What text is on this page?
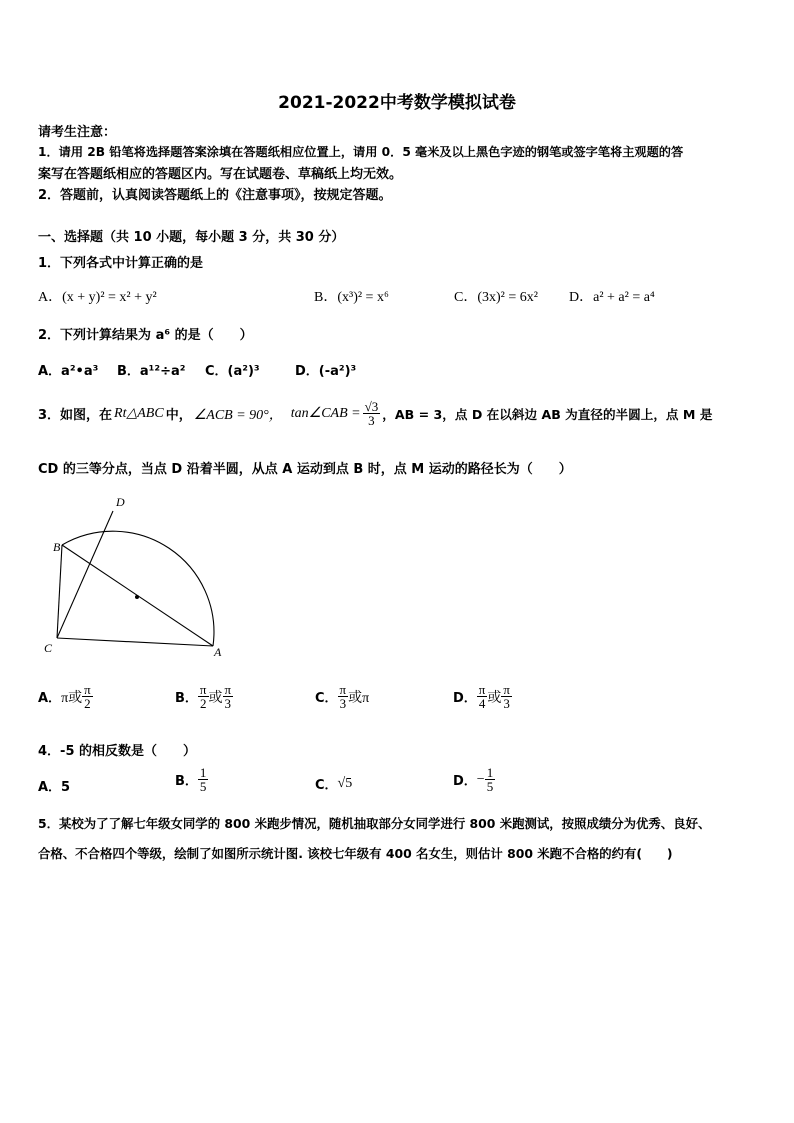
2021-2022中考数学模拟试卷
请考生注意：
1．请用 2B 铅笔将选择题答案涂填在答题纸相应位置上，请用 0．5 毫米及以上黑色字迹的钢笔或签字笔将主观题的答
案写在答题纸相应的答题区内。写在试题卷、草稿纸上均无效。
2．答题前，认真阅读答题纸上的《注意事项》，按规定答题。
一、选择题（共 10 小题，每小题 3 分，共 30 分）
1．下列各式中计算正确的是
A．(x + y)² = x² + y²	B．(x³)² = x⁶	C．(3x)² = 6x² D．a² + a² = a⁴
2．下列计算结果为 a⁶ 的是（　　）
A．a²•a³ B．a¹²÷a² C．(a²)³	D．(-a²)³
3．如图，在 Rt△ABC 中， ∠ACB = 90°， tan∠CAB = $\frac{√3}{3}$ ，AB = 3，点 D 在以斜边 AB 为直径的半圆上，点 M 是
CD 的三等分点，当点 D 沿着半圆，从点 A 运动到点 B 时，点 M 运动的路径长为（　　）
B
C
D
A
A． π或 $\frac{\pi}{2}$	B． $\frac{\pi}{2}$ 或 $\frac{\pi}{3}$	C． $\frac{\pi}{3}$ 或π	D． $\frac{\pi}{4}$ 或 $\frac{\pi}{3}$
4．-5 的相反数是（　　）
A．5	B． $\frac{1}{5}$	C． √5	D． − $\frac{1}{5}$
5．某校为了了解七年级女同学的 800 米跑步情况，随机抽取部分女同学进行 800 米跑测试，按照成绩分为优秀、良好、
合格、不合格四个等级，绘制了如图所示统计图. 该校七年级有 400 名女生，则估计 800 米跑不合格的约有(　　)
